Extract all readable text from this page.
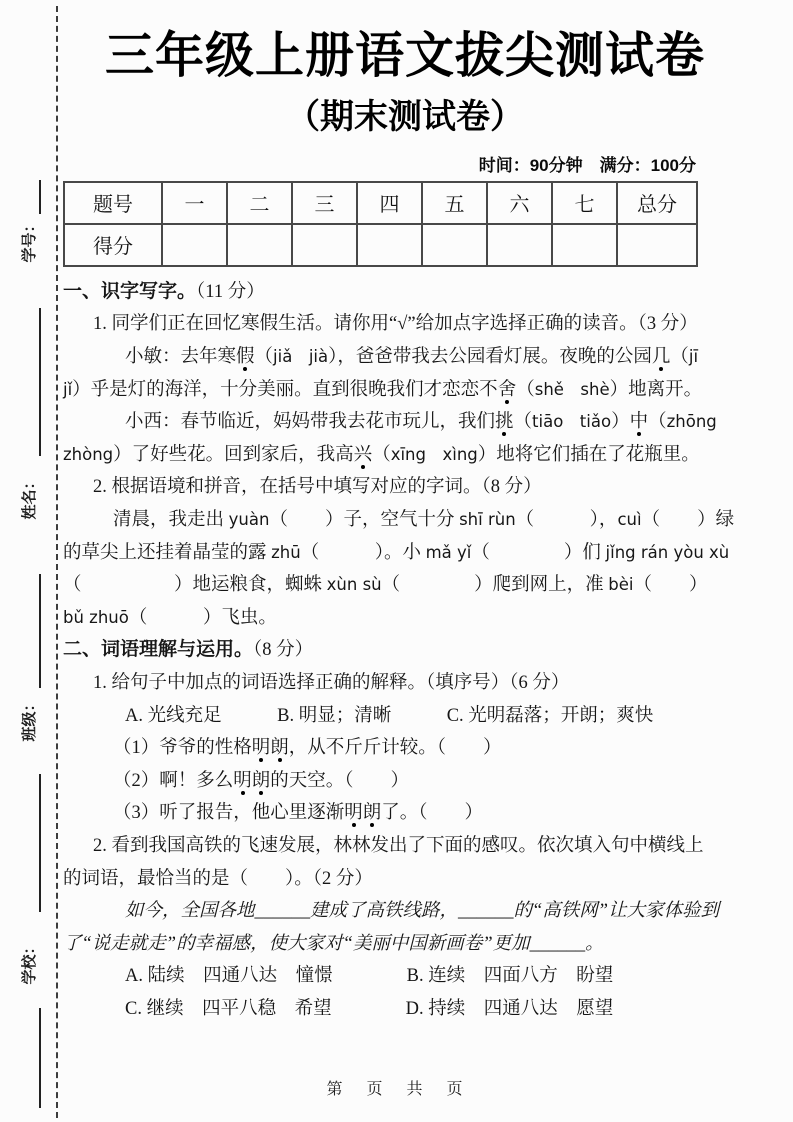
学号：
姓名：
班级：
学校：
三年级上册语文拔尖测试卷
（期末测试卷）
时间：90分钟　满分：100分
题号	一	二	三	四	五	六	七	总分
得分								
一、识字写字。（11 分）
1. 同学们正在回忆寒假生活。请你用“√”给加点字选择正确的读音。（3 分）
小敏：去年寒假（jiǎ　jià），爸爸带我去公园看灯展。夜晚的公园几（jī
jǐ）乎是灯的海洋，十分美丽。直到很晚我们才恋恋不舍（shě　shè）地离开。
小西：春节临近，妈妈带我去花市玩儿，我们挑（tiāo　tiǎo）中（zhōng
zhòng）了好些花。回到家后，我高兴（xīng　xìng）地将它们插在了花瓶里。
2. 根据语境和拼音，在括号中填写对应的字词。（8 分）
清晨，我走出 yuàn（　　）子，空气十分 shī rùn（　　　），cuì（　　）绿
的草尖上还挂着晶莹的露 zhū（　　　）。小 mǎ yǐ（　　　　）们 jǐng rán yòu xù
（　　　　　）地运粮食，蜘蛛 xùn sù（　　　　）爬到网上，准 bèi（　　）
bǔ zhuō（　　　）飞虫。
二、词语理解与运用。（8 分）
1. 给句子中加点的词语选择正确的解释。（填序号）（6 分）
A. 光线充足　　　B. 明显；清晰　　　C. 光明磊落；开朗；爽快
（1）爷爷的性格明朗，从不斤斤计较。（　　）
（2）啊！多么明朗的天空。（　　）
（3）听了报告，他心里逐渐明朗了。（　　）
2. 看到我国高铁的飞速发展，林林发出了下面的感叹。依次填入句中横线上
的词语，最恰当的是（　　）。（2 分）
如今，全国各地______建成了高铁线路，______的“高铁网”让大家体验到
了“说走就走”的幸福感，使大家对“美丽中国新画卷”更加______。
A. 陆续　四通八达　憧憬　　　　B. 连续　四面八方　盼望
C. 继续　四平八稳　希望　　　　D. 持续　四通八达　愿望
第　页　共　页
